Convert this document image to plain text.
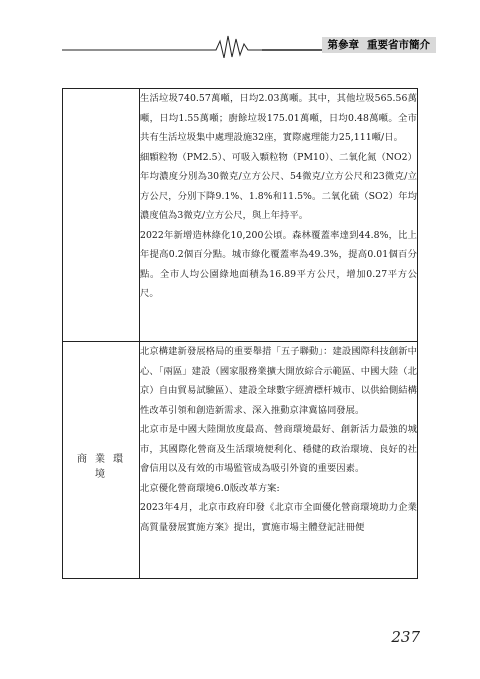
第參章 重要省市簡介

	生活垃圾740.57萬噸，日均2.03萬噸。其中，其他垃圾565.56萬噸，日均1.55萬噸；廚餘垃圾175.01萬噸，日均0.48萬噸。全市共有生活垃圾集中處理設施32座，實際處理能力25,111噸/日。

細顆粒物（PM2.5）、可吸入顆粒物（PM10）、二氧化氮（NO2）年均濃度分別為30微克/立方公尺、54微克/立方公尺和23微克/立方公尺，分別下降9.1%、1.8%和11.5%。二氧化硫（SO2）年均濃度值為3微克/立方公尺，與上年持平。

2022年新增造林綠化10,200公頃。森林覆蓋率達到44.8%，比上年提高0.2個百分點。城市綠化覆蓋率為49.3%，提高0.01個百分點。全市人均公園綠地面積為16.89平方公尺，增加0.27平方公尺。

商業環境	北京構建新發展格局的重要舉措「五子聯動」：建設國際科技創新中心、「兩區」建設（國家服務業擴大開放綜合示範區、中國大陸（北京）自由貿易試驗區）、建設全球數字經濟標杆城市、以供給側結構性改革引領和創造新需求、深入推動京津冀協同發展。

北京市是中國大陸開放度最高、營商環境最好、創新活力最強的城市，其國際化營商及生活環境便利化、穩健的政治環境、良好的社會信用以及有效的市場監管成為吸引外資的重要因素。

北京優化營商環境6.0版改革方案:

2023年4月，北京市政府印發《北京市全面優化營商環境助力企業高質量發展實施方案》提出，實施市場主體登記註冊便

237
